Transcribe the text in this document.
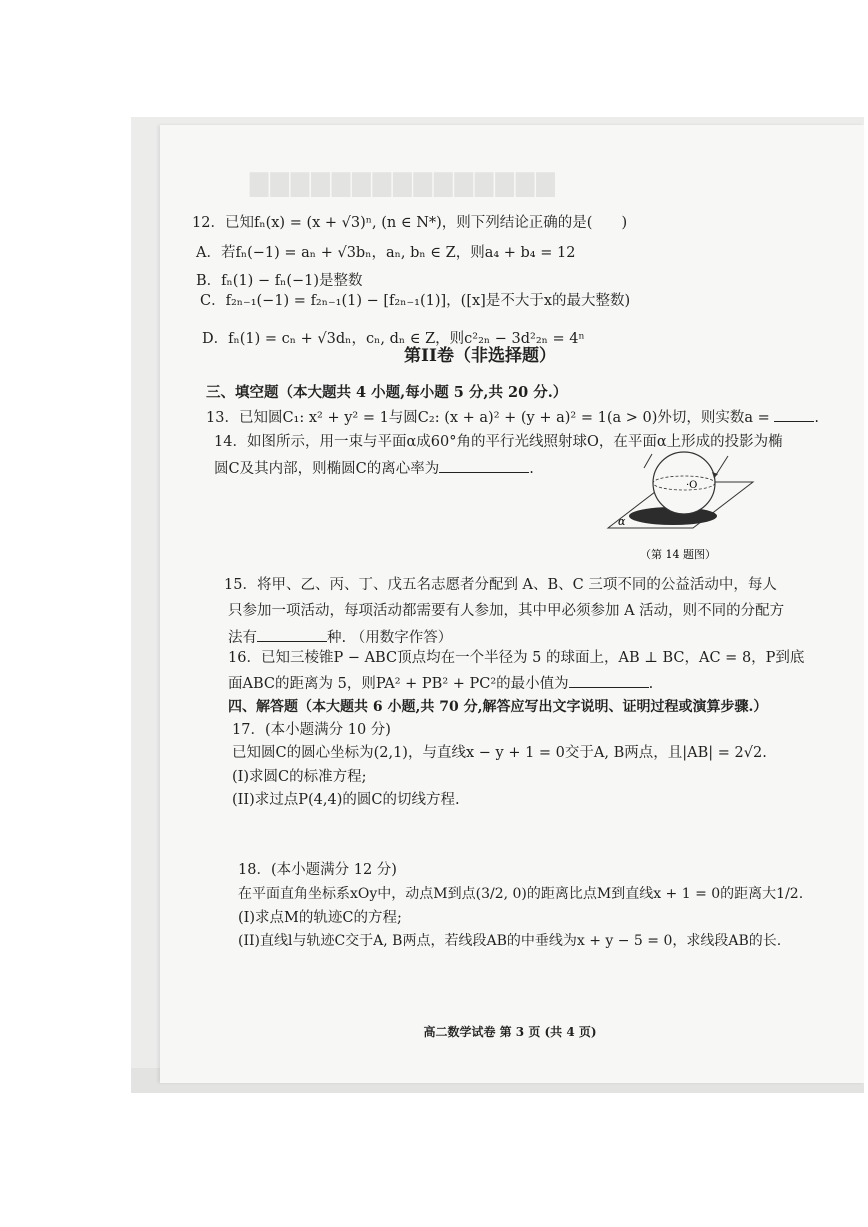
▇▇▇▇▇▇▇▇▇▇▇▇▇▇▇
12．已知fₙ(x) = (x + √3)ⁿ, (n ∈ N*)，则下列结论正确的是(　　)
A．若fₙ(−1) = aₙ + √3bₙ，aₙ, bₙ ∈ Z，则a₄ + b₄ = 12
B．fₙ(1) − fₙ(−1)是整数
C．f₂ₙ₋₁(−1) = f₂ₙ₋₁(1) − [f₂ₙ₋₁(1)]，([x]是不大于x的最大整数)
D．fₙ(1) = cₙ + √3dₙ，cₙ, dₙ ∈ Z，则c²₂ₙ − 3d²₂ₙ = 4ⁿ
第II卷（非选择题）
三、填空题（本大题共 4 小题,每小题 5 分,共 20 分.）
13．已知圆C₁: x² + y² = 1与圆C₂: (x + a)² + (y + a)² = 1(a > 0)外切，则实数a =	.
14．如图所示，用一束与平面α成60°角的平行光线照射球O，在平面α上形成的投影为椭
圆C及其内部，则椭圆C的离心率为	.
·O
α
（第 14 题图）
15．将甲、乙、丙、丁、戊五名志愿者分配到 A、B、C 三项不同的公益活动中，每人
只参加一项活动，每项活动都需要有人参加，其中甲必须参加 A 活动，则不同的分配方
法有	种. （用数字作答）
16．已知三棱锥P − ABC顶点均在一个半径为 5 的球面上，AB ⊥ BC，AC = 8，P到底
面ABC的距离为 5，则PA² + PB² + PC²的最小值为	.
四、解答题（本大题共 6 小题,共 70 分,解答应写出文字说明、证明过程或演算步骤.）
17．(本小题满分 10 分)
已知圆C的圆心坐标为(2,1)，与直线x − y + 1 = 0交于A, B两点，且|AB| = 2√2.
(I)求圆C的标准方程;
(II)求过点P(4,4)的圆C的切线方程.
18．(本小题满分 12 分)
在平面直角坐标系xOy中，动点M到点(3/2, 0)的距离比点M到直线x + 1 = 0的距离大1/2.
(I)求点M的轨迹C的方程;
(II)直线l与轨迹C交于A, B两点，若线段AB的中垂线为x + y − 5 = 0，求线段AB的长.
高二数学试卷 第 3 页 (共 4 页)
